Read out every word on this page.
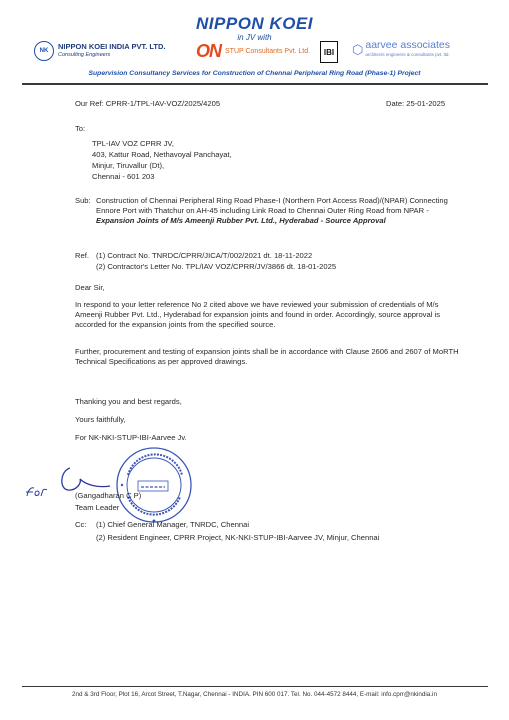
NIPPON KOEI
in JV with
NK	NIPPON KOEI INDIA PVT. LTD.
Consulting Engineers	ON STUP Consultants Pvt. Ltd.	IBI ⬡ aarvee associates
architects engineers & consultants pvt. ltd.
Supervision Consultancy Services for Construction of Chennai Peripheral Ring Road (Phase-1) Project
Our Ref: CPRR-1/TPL-IAV-VOZ/2025/4205	Date: 25-01-2025
To:
TPL-IAV VOZ CPRR JV,
403, Kattur Road, Nethavoyal Panchayat,
Minjur, Tiruvallur (Dt),
Chennai - 601 203
Sub: Construction of Chennai Peripheral Ring Road Phase-I (Northern Port Access Road)/(NPAR) Connecting Ennore Port with Thatchur on AH-45 including Link Road to Chennai Outer Ring Road from NPAR - Expansion Joints of M/s Ameenji Rubber Pvt. Ltd., Hyderabad - Source Approval
Ref. (1) Contract No. TNRDC/CPRR/JICA/T/002/2021 dt. 18-11-2022
(2) Contractor's Letter No. TPL/IAV VOZ/CPRR/JV/3866 dt. 18-01-2025
Dear Sir,
In respond to your letter reference No 2 cited above we have reviewed your submission of credentials of M/s Ameenji Rubber Pvt. Ltd., Hyderabad for expansion joints and found in order. Accordingly, source approval is accorded for the expansion joints from the specified source.
Further, procurement and testing of expansion joints shall be in accordance with Clause 2606 and 2607 of MoRTH Technical Specifications as per approved drawings.
Thanking you and best regards,
Yours faithfully,
For NK-NKI-STUP-IBI-Aarvee Jv.
(Gangadharan C P)
Team Leader
Cc: (1) Chief General Manager, TNRDC, Chennai
(2) Resident Engineer, CPRR Project, NK-NKI-STUP-IBI-Aarvee JV, Minjur, Chennai
2nd & 3rd Floor, Plot 16, Arcot Street, T.Nagar, Chennai - INDIA. PIN 600 017. Tel. No. 044-4572 8444, E-mail: info.cprr@nkindia.in
